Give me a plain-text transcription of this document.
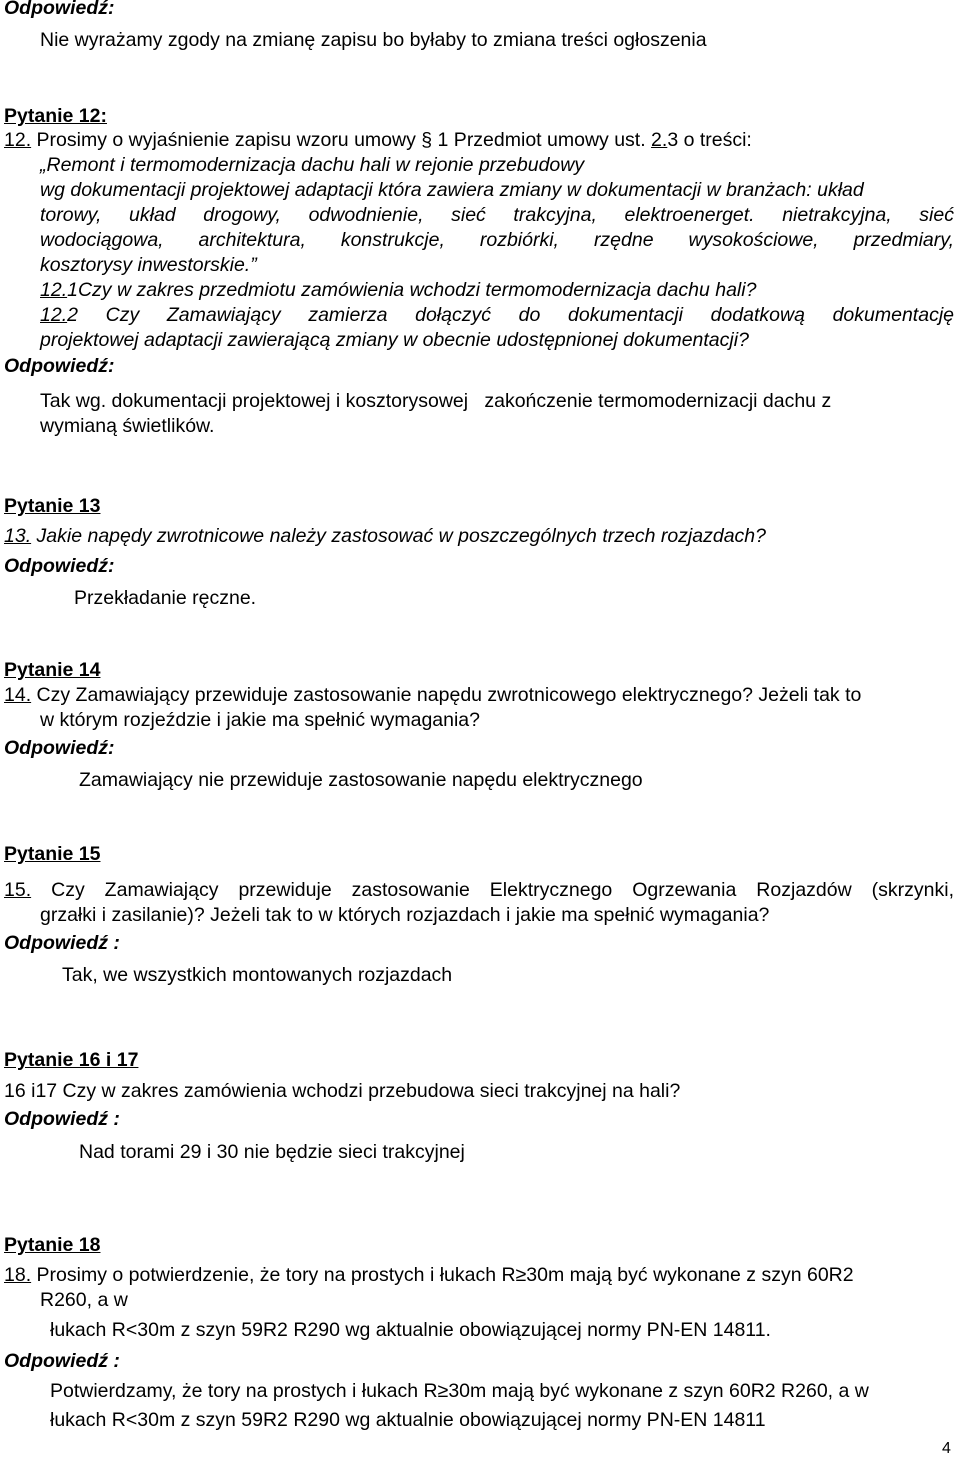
Odpowiedź:
Nie wyrażamy zgody na zmianę zapisu bo byłaby to zmiana treści ogłoszenia
Pytanie 12:
12. Prosimy o wyjaśnienie zapisu wzoru umowy § 1 Przedmiot umowy ust. 2.3 o treści:
„Remont i termomodernizacja dachu hali w rejonie przebudowy
wg dokumentacji projektowej adaptacji która zawiera zmiany w dokumentacji w branżach: układ
torowy, układ drogowy, odwodnienie, sieć trakcyjna, elektroenerget. nietrakcyjna, sieć
wodociągowa, architektura, konstrukcje, rozbiórki, rzędne wysokościowe, przedmiary,
kosztorysy inwestorskie.”
12.1Czy w zakres przedmiotu zamówienia wchodzi termomodernizacja dachu hali?
12.2 Czy Zamawiający zamierza dołączyć do dokumentacji dodatkową dokumentację
projektowej adaptacji zawierającą zmiany w obecnie udostępnionej dokumentacji?
Odpowiedź:
Tak wg. dokumentacji projektowej i kosztorysowej   zakończenie termomodernizacji dachu z
wymianą świetlików.
Pytanie 13
13. Jakie napędy zwrotnicowe należy zastosować w poszczególnych trzech rozjazdach?
Odpowiedź:
Przekładanie ręczne.
Pytanie 14
14. Czy Zamawiający przewiduje zastosowanie napędu zwrotnicowego elektrycznego? Jeżeli tak to
w którym rozjeździe i jakie ma spełnić wymagania?
Odpowiedź:
Zamawiający nie przewiduje zastosowanie napędu elektrycznego
Pytanie 15
15. Czy Zamawiający przewiduje zastosowanie Elektrycznego Ogrzewania Rozjazdów (skrzynki,
grzałki i zasilanie)? Jeżeli tak to w których rozjazdach i jakie ma spełnić wymagania?
Odpowiedź :
Tak, we wszystkich montowanych rozjazdach
Pytanie 16 i 17
16 i17 Czy w zakres zamówienia wchodzi przebudowa sieci trakcyjnej na hali?
Odpowiedź :
Nad torami 29 i 30 nie będzie sieci trakcyjnej
Pytanie 18
18. Prosimy o potwierdzenie, że tory na prostych i łukach R≥30m mają być wykonane z szyn 60R2
R260, a w
łukach R<30m z szyn 59R2 R290 wg aktualnie obowiązującej normy PN-EN 14811.
Odpowiedź :
Potwierdzamy, że tory na prostych i łukach R≥30m mają być wykonane z szyn 60R2 R260, a w
łukach R<30m z szyn 59R2 R290 wg aktualnie obowiązującej normy PN-EN 14811
4
